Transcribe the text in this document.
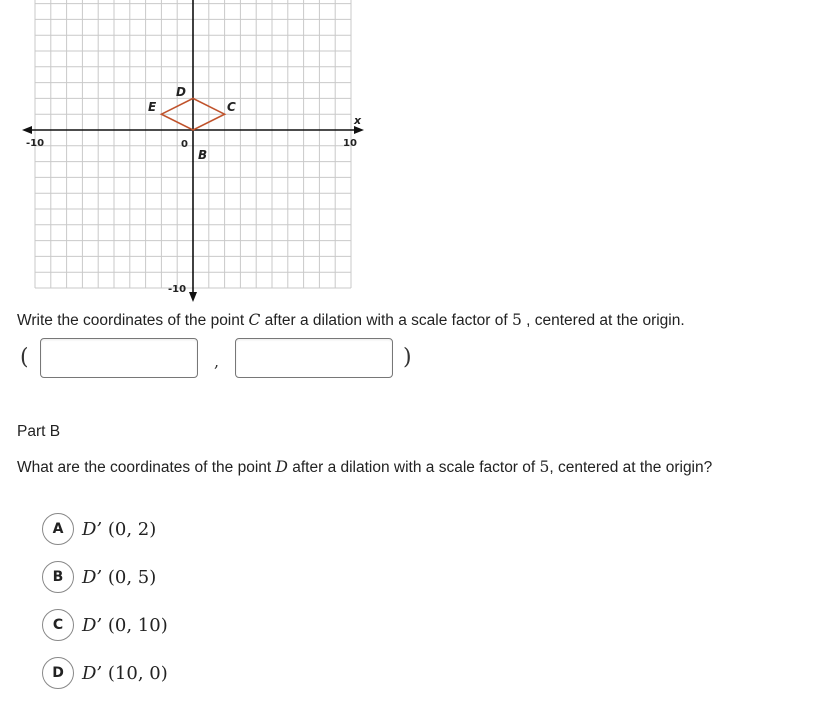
-10	10
-10
0
x
D
E	C
B
Write the coordinates of the point C after a dilation with a scale factor of 5 , centered at the origin.
(	,	)
Part B
What are the coordinates of the point D after a dilation with a scale factor of 5, centered at the origin?
A	D’ (0, 2)
B	D’ (0, 5)
C	D’ (0, 10)
D	D’ (10, 0)
